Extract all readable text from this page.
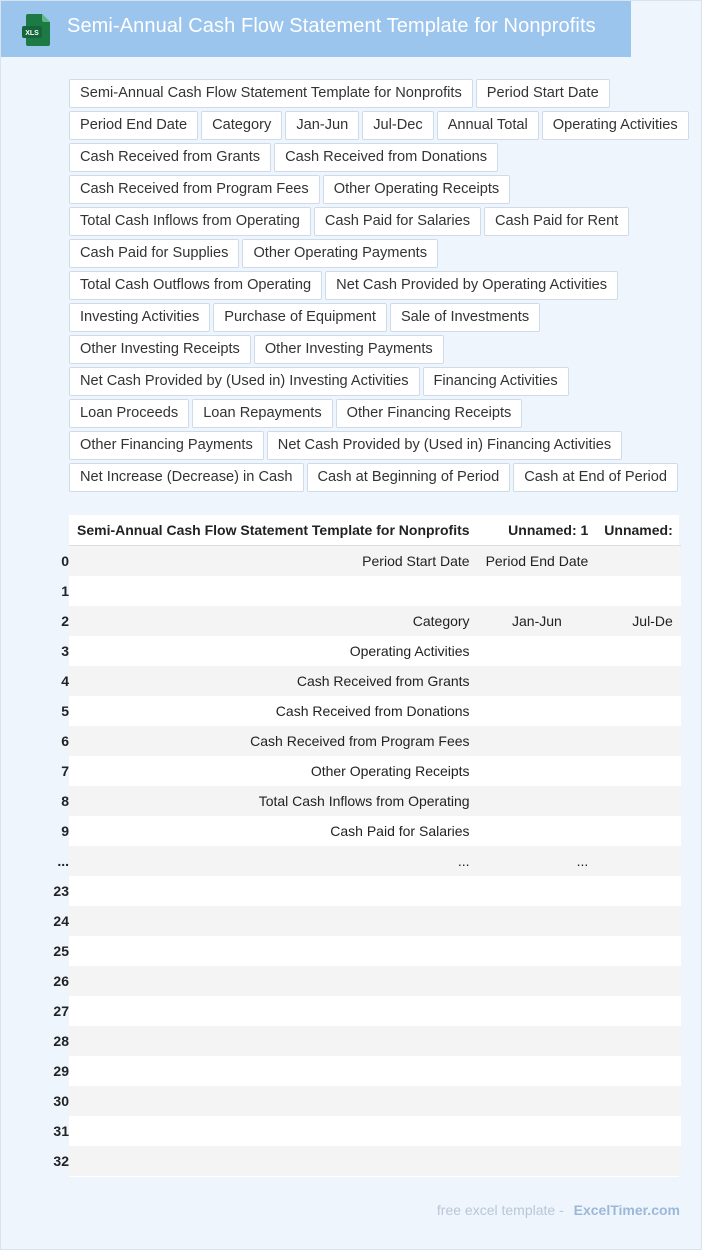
XLS Semi-Annual Cash Flow Statement Template for Nonprofits
Semi-Annual Cash Flow Statement Template for Nonprofits	Period Start Date
Period End Date	Category	Jan-Jun	Jul-Dec	Annual Total	Operating Activities
Cash Received from Grants	Cash Received from Donations
Cash Received from Program Fees	Other Operating Receipts
Total Cash Inflows from Operating	Cash Paid for Salaries	Cash Paid for Rent
Cash Paid for Supplies	Other Operating Payments
Total Cash Outflows from Operating	Net Cash Provided by Operating Activities
Investing Activities	Purchase of Equipment	Sale of Investments
Other Investing Receipts	Other Investing Payments
Net Cash Provided by (Used in) Investing Activities	Financing Activities
Loan Proceeds	Loan Repayments	Other Financing Receipts
Other Financing Payments	Net Cash Provided by (Used in) Financing Activities
Net Increase (Decrease) in Cash	Cash at Beginning of Period	Cash at End of Period
	Semi-Annual Cash Flow Statement Template for Nonprofits	Unnamed: 1	Unnamed:

0	Period Start Date	Period End Date	

1		

2	Category	Jan-Jun	Jul-De

3	Operating Activities		

4	Cash Received from Grants		

5	Cash Received from Donations		

6	Cash Received from Program Fees		

7	Other Operating Receipts		

8	Total Cash Inflows from Operating		

9	Cash Paid for Salaries		

...	...	...	

23		

24		

25		

26		

27		

28		

29		

30		

31		

32		

free excel template - ExcelTimer.com
